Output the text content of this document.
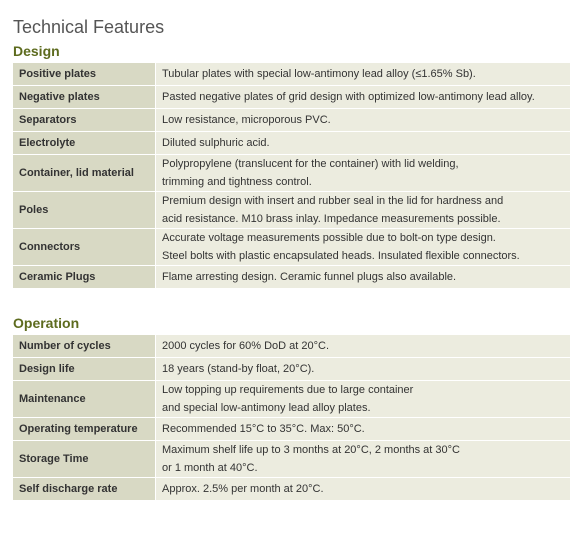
Technical Features
Design
Positive plates	Tubular plates with special low-antimony lead alloy (≤1.65% Sb).

Negative plates	Pasted negative plates of grid design with optimized low-antimony lead alloy.

Separators	Low resistance, microporous PVC.

Electrolyte	Diluted sulphuric acid.

Container, lid material	Polypropylene (translucent for the container) with lid welding,
trimming and tightness control.

Poles	Premium design with insert and rubber seal in the lid for hardness and
acid resistance. M10 brass inlay. Impedance measurements possible.

Connectors	Accurate voltage measurements possible due to bolt-on type design.
Steel bolts with plastic encapsulated heads. Insulated flexible connectors.

Ceramic Plugs	Flame arresting design. Ceramic funnel plugs also available.
Operation
Number of cycles	2000 cycles for 60% DoD at 20°C.

Design life	18 years (stand-by float, 20°C).

Maintenance	Low topping up requirements due to large container
and special low-antimony lead alloy plates.

Operating temperature	Recommended 15°C to 35°C. Max: 50°C.

Storage Time	Maximum shelf life up to 3 months at 20°C, 2 months at 30°C
or 1 month at 40°C.

Self discharge rate	Approx. 2.5% per month at 20°C.
